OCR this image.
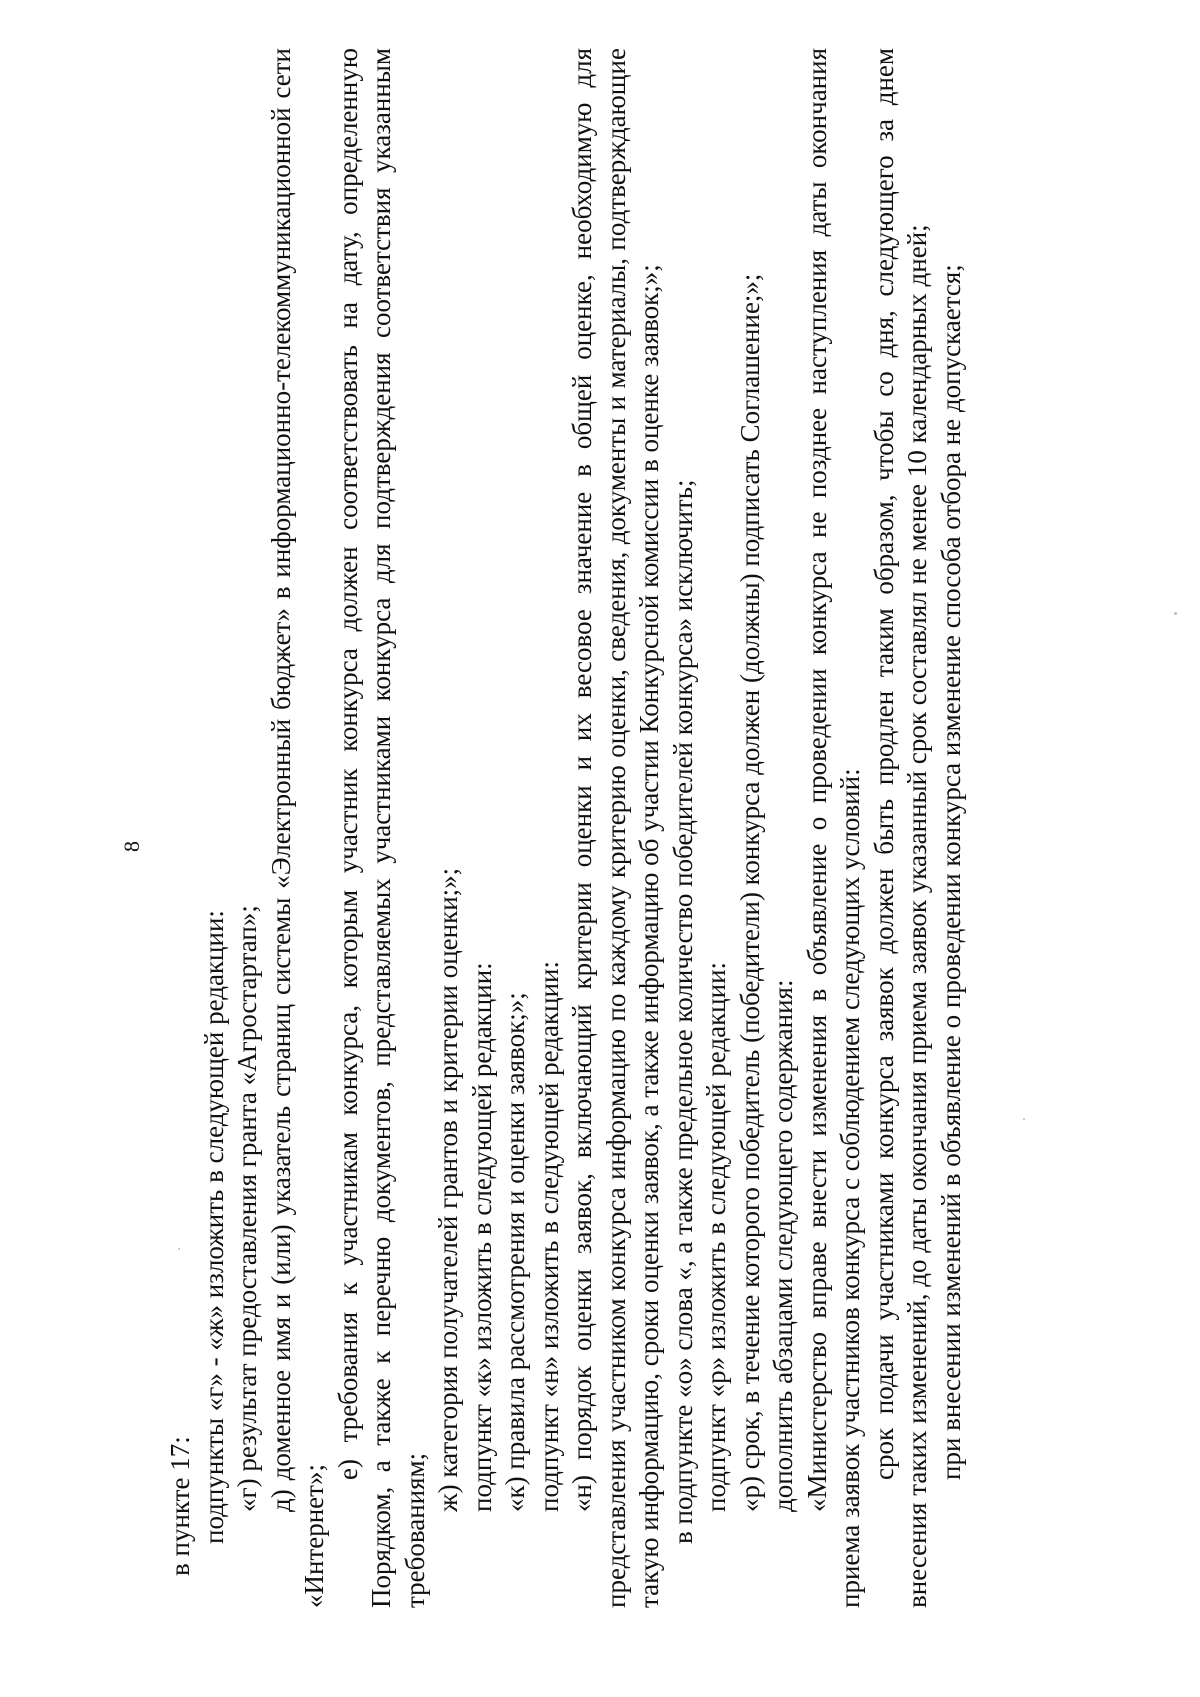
8

в пункте 17: подпункты «г» - «ж» изложить в следующей редакции: «г) результат предоставления гранта «Агростартап»; д) доменное имя и (или) указатель страниц системы «Электронный бюджет» в информационно-телекоммуникационной сети «Интернет»;

е) требования к участникам конкурса, которым участник конкурса должен соответствовать на дату, определенную Порядком, а также к перечню документов, представляемых участниками конкурса для подтверждения соответствия указанным требованиям;

ж) категория получателей грантов и критерии оценки;»; подпункт «к» изложить в следующей редакции: «к) правила рассмотрения и оценки заявок;»; подпункт «н» изложить в следующей редакции: «н) порядок оценки заявок, включающий критерии оценки и их весовое значение в общей оценке, необходимую для представления участником конкурса информацию по каждому критерию оценки, сведения, документы и материалы, подтверждающие такую информацию, сроки оценки заявок, а также информацию об участии Конкурсной комиссии в оценке заявок;»; в подпункте «о» слова «, а также предельное количество победителей конкурса» исключить; подпункт «р» изложить в следующей редакции: «р) срок, в течение которого победитель (победители) конкурса должен (должны) подписать Соглашение;»; дополнить абзацами следующего содержания: «Министерство вправе внести изменения в объявление о проведении конкурса не позднее наступления даты окончания приема заявок участников конкурса с соблюдением следующих условий: срок подачи участниками конкурса заявок должен быть продлен таким образом, чтобы со дня, следующего за днем внесения таких изменений, до даты окончания приема заявок указанный срок составлял не менее 10 календарных дней; при внесении изменений в объявление о проведении конкурса изменение способа отбора не допускается;
